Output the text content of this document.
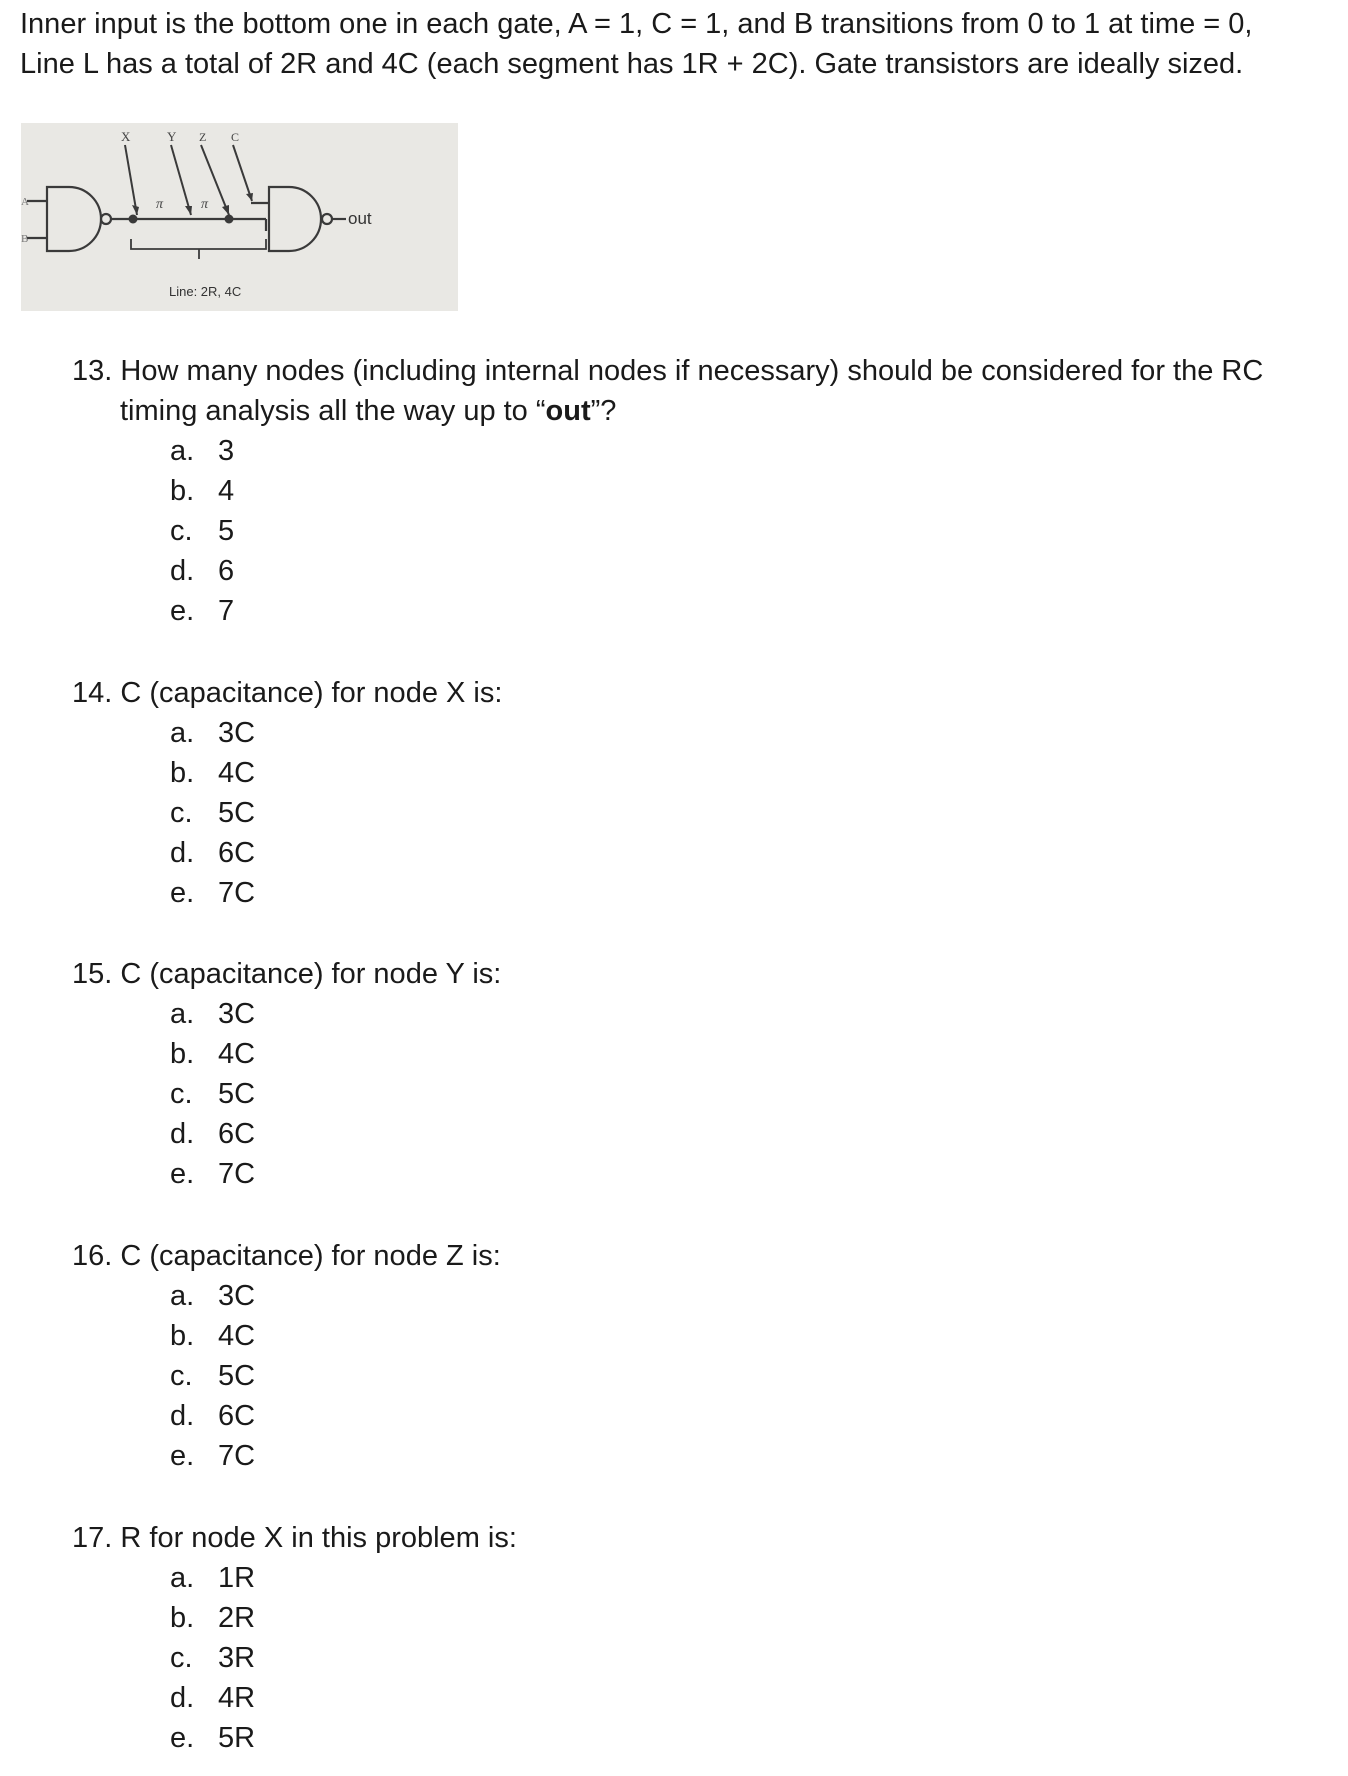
Inner input is the bottom one in each gate, A = 1, C = 1, and B transitions from 0 to 1 at time = 0,

Line L has a total of 2R and 4C (each segment has 1R + 2C). Gate transistors are ideally sized.

X	Y Z C
A
B
π	π
out
Line: 2R, 4C

13. How many nodes (including internal nodes if necessary) should be considered for the RC timing analysis all the way up to “out”?

a. 3
b. 4
c. 5
d. 6
e. 7

14. C (capacitance) for node X is:

a. 3C
b. 4C
c. 5C
d. 6C
e. 7C

15. C (capacitance) for node Y is:

a. 3C
b. 4C
c. 5C
d. 6C
e. 7C

16. C (capacitance) for node Z is:

a. 3C
b. 4C
c. 5C
d. 6C
e. 7C

17. R for node X in this problem is:

a. 1R
b. 2R
c. 3R
d. 4R
e. 5R
